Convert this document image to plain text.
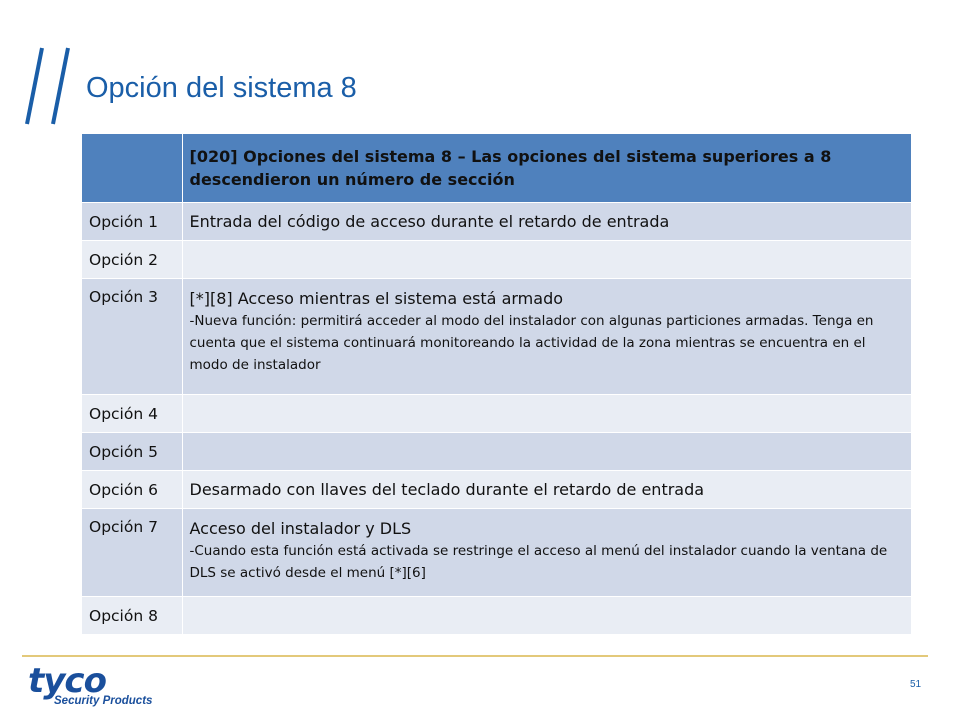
Opción del sistema 8
	[020] Opciones del sistema 8 – Las opciones del sistema superiores a 8 descendieron un número de sección
Opción 1	Entrada del código de acceso durante el retardo de entrada

Opción 2	

Opción 3	[*][8] Acceso mientras el sistema está armado
-Nueva función: permitirá acceder al modo del instalador con algunas particiones armadas. Tenga en cuenta que el sistema continuará monitoreando la actividad de la zona mientras se encuentra en el modo de instalador

Opción 4	

Opción 5	

Opción 6	Desarmado con llaves del teclado durante el retardo de entrada

Opción 7	Acceso del instalador y DLS
-Cuando esta función está activada se restringe el acceso al menú del instalador cuando la ventana de DLS se activó desde el menú [*][6]

Opción 8	
tyco
Security Products
51
